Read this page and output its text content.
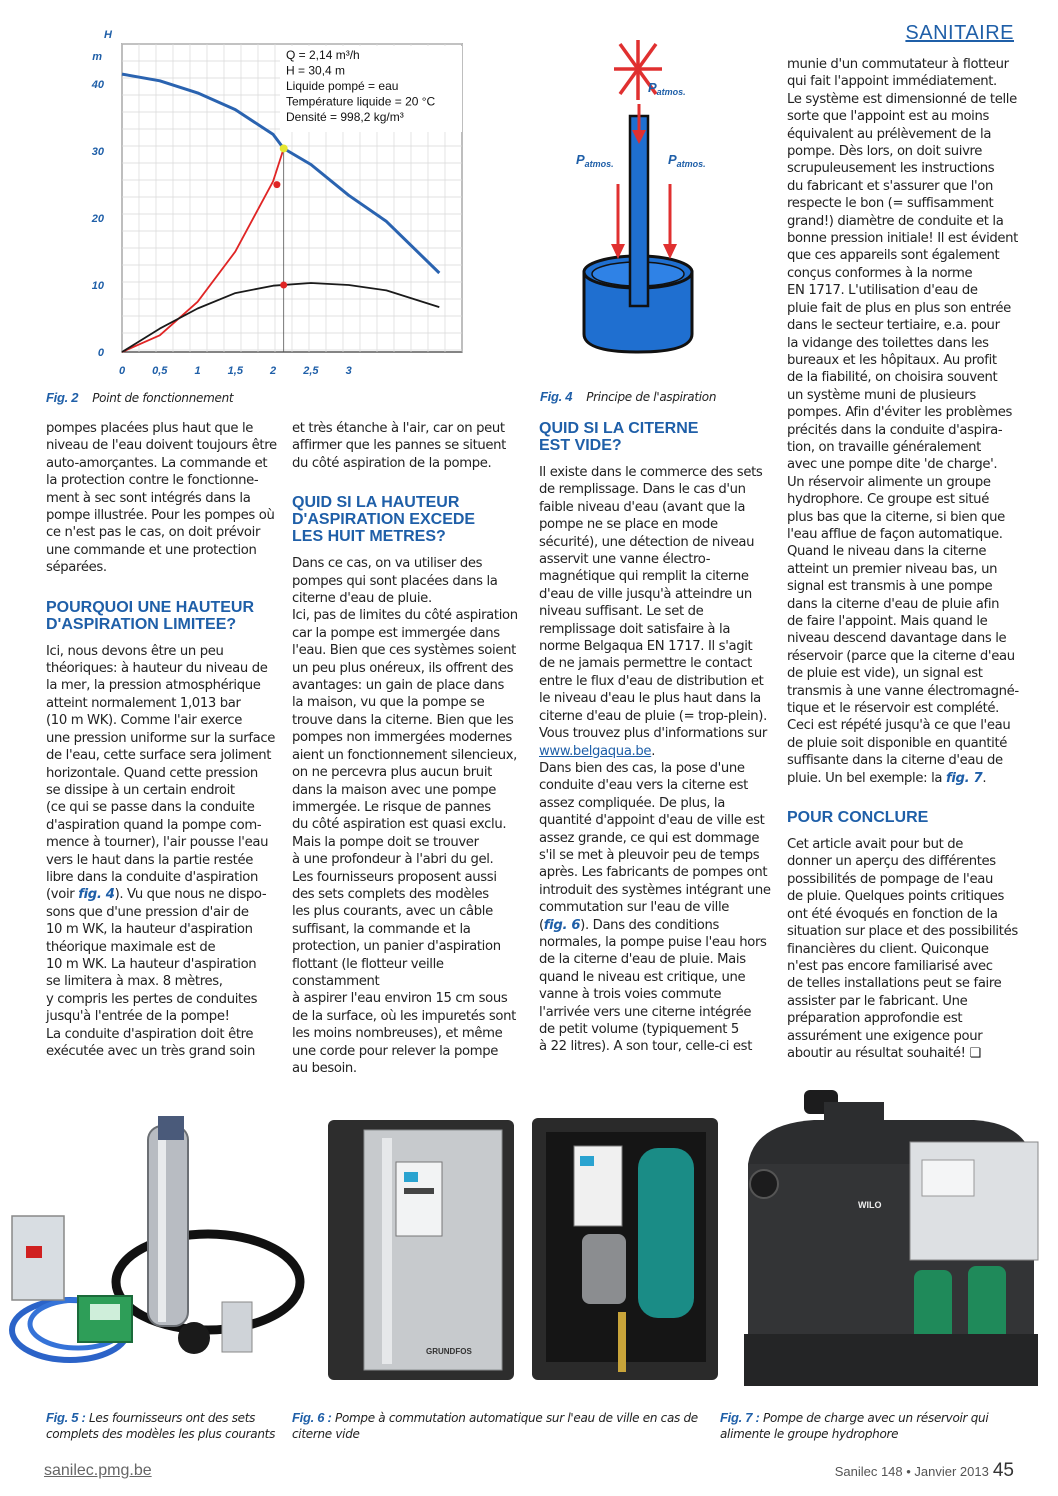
SANITAIRE
0 0,5 1 1,5 2 2,5 3
0
10
20
30
40
H
m	Q = 2,14 m³/h
H = 30,4 m
Liquide pompé = eau
Température liquide = 20 °C
Densité = 998,2 kg/m³
Fig. 2 Point de fonctionnement
$P_{atmos.}$
$P_{atmos.}$	$P_{atmos.}$
Fig. 4 Principe de l'aspiration

pompes placées plus haut que le
niveau de l'eau doivent toujours être
auto-amorçantes. La commande et
la protection contre le fonctionne-
ment à sec sont intégrés dans la
pompe illustrée. Pour les pompes où
ce n'est pas le cas, on doit prévoir
une commande et une protection
séparées.

POURQUOI UNE HAUTEUR
D'ASPIRATION LIMITEE?

Ici, nous devons être un peu
théoriques: à hauteur du niveau de
la mer, la pression atmosphérique
atteint normalement 1,013 bar
(10 m WK). Comme l'air exerce
une pression uniforme sur la surface
de l'eau, cette surface sera joliment
horizontale. Quand cette pression
se dissipe à un certain endroit
(ce qui se passe dans la conduite
d'aspiration quand la pompe com-
mence à tourner), l'air pousse l'eau
vers le haut dans la partie restée
libre dans la conduite d'aspiration
(voir fig. 4). Vu que nous ne dispo-
sons que d'une pression d'air de
10 m WK, la hauteur d'aspiration
théorique maximale est de
10 m WK. La hauteur d'aspiration
se limitera à max. 8 mètres,
y compris les pertes de conduites
jusqu'à l'entrée de la pompe!
La conduite d'aspiration doit être
exécutée avec un très grand soin

et très étanche à l'air, car on peut
affirmer que les pannes se situent
du côté aspiration de la pompe.

QUID SI LA HAUTEUR
D'ASPIRATION EXCEDE
LES HUIT METRES?

Dans ce cas, on va utiliser des
pompes qui sont placées dans la
citerne d'eau de pluie.
Ici, pas de limites du côté aspiration
car la pompe est immergée dans
l'eau. Bien que ces systèmes soient
un peu plus onéreux, ils offrent des
avantages: un gain de place dans
la maison, vu que la pompe se
trouve dans la citerne. Bien que les
pompes non immergées modernes
aient un fonctionnement silencieux,
on ne percevra plus aucun bruit
dans la maison avec une pompe
immergée. Le risque de pannes
du côté aspiration est quasi exclu.
Mais la pompe doit se trouver
à une profondeur à l'abri du gel.
Les fournisseurs proposent aussi
des sets complets des modèles
les plus courants, avec un câble
suffisant, la commande et la
protection, un panier d'aspiration
flottant (le flotteur veille constamment
à aspirer l'eau environ 15 cm sous
de la surface, où les impuretés sont
les moins nombreuses), et même
une corde pour relever la pompe
au besoin.

QUID SI LA CITERNE
EST VIDE?

Il existe dans le commerce des sets
de remplissage. Dans le cas d'un
faible niveau d'eau (avant que la
pompe ne se place en mode
sécurité), une détection de niveau
asservit une vanne électro-
magnétique qui remplit la citerne
d'eau de ville jusqu'à atteindre un
niveau suffisant. Le set de
remplissage doit satisfaire à la
norme Belgaqua EN 1717. Il s'agit
de ne jamais permettre le contact
entre le flux d'eau de distribution et
le niveau d'eau le plus haut dans la
citerne d'eau de pluie (= trop-plein).
Vous trouvez plus d'informations sur
www.belgaqua.be.
Dans bien des cas, la pose d'une
conduite d'eau vers la citerne est
assez compliquée. De plus, la
quantité d'appoint d'eau de ville est
assez grande, ce qui est dommage
s'il se met à pleuvoir peu de temps
après. Les fabricants de pompes ont
introduit des systèmes intégrant une
commutation sur l'eau de ville
(fig. 6). Dans des conditions
normales, la pompe puise l'eau hors
de la citerne d'eau de pluie. Mais
quand le niveau est critique, une
vanne à trois voies commute
l'arrivée vers une citerne intégrée
de petit volume (typiquement 5
à 22 litres). A son tour, celle-ci est

munie d'un commutateur à flotteur
qui fait l'appoint immédiatement.
Le système est dimensionné de telle
sorte que l'appoint est au moins
équivalent au prélèvement de la
pompe. Dès lors, on doit suivre
scrupuleusement les instructions
du fabricant et s'assurer que l'on
respecte le bon (= suffisamment
grand!) diamètre de conduite et la
bonne pression initiale! Il est évident
que ces appareils sont également
conçus conformes à la norme
EN 1717. L'utilisation d'eau de
pluie fait de plus en plus son entrée
dans le secteur tertiaire, e.a. pour
la vidange des toilettes dans les
bureaux et les hôpitaux. Au profit
de la fiabilité, on choisira souvent
un système muni de plusieurs
pompes. Afin d'éviter les problèmes
précités dans la conduite d'aspira-
tion, on travaille généralement
avec une pompe dite 'de charge'.
Un réservoir alimente un groupe
hydrophore. Ce groupe est situé
plus bas que la citerne, si bien que
l'eau afflue de façon automatique.
Quand le niveau dans la citerne
atteint un premier niveau bas, un
signal est transmis à une pompe
dans la citerne d'eau de pluie afin
de faire l'appoint. Mais quand le
niveau descend davantage dans le
réservoir (parce que la citerne d'eau
de pluie est vide), un signal est
transmis à une vanne électromagné-
tique et le réservoir est complété.
Ceci est répété jusqu'à ce que l'eau
de pluie soit disponible en quantité
suffisante dans la citerne d'eau de
pluie. Un bel exemple: la fig. 7.

POUR CONCLURE

Cet article avait pour but de
donner un aperçu des différentes
possibilités de pompage de l'eau
de pluie. Quelques points critiques
ont été évoqués en fonction de la
situation sur place et des possibilités
financières du client. Quiconque
n'est pas encore familiarisé avec
de telles installations peut se faire
assister par le fabricant. Une
préparation approfondie est
assurément une exigence pour
aboutir au résultat souhaité! ❏

GRUNDFOS
WILO
Fig. 5 : Les fournisseurs ont des sets complets des modèles les plus courants
Fig. 6 : Pompe à commutation automatique sur l'eau de ville en cas de citerne vide
Fig. 7 : Pompe de charge avec un réservoir qui alimente le groupe hydrophore
sanilec.pmg.be	Sanilec 148 • Janvier 2013 45
